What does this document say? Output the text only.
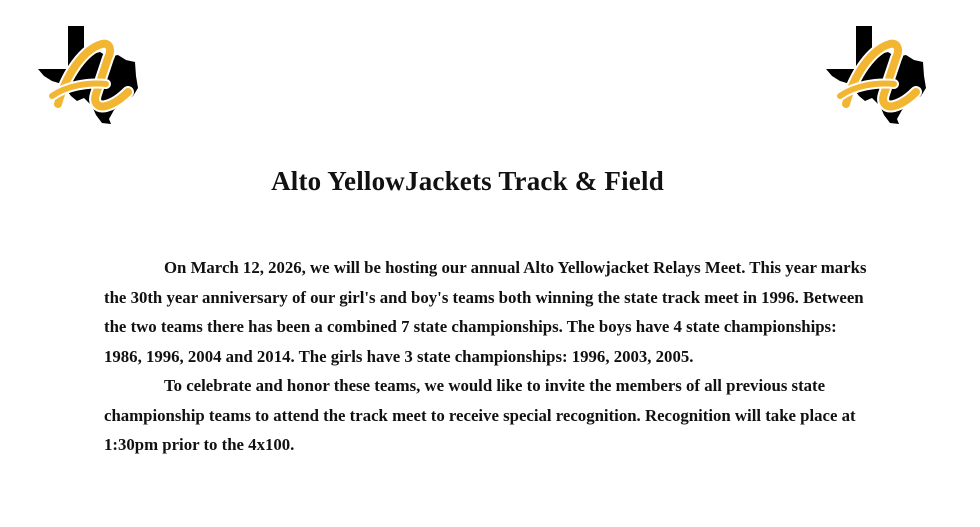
Alto YellowJackets Track & Field

On March 12, 2026, we will be hosting our annual Alto Yellowjacket Relays Meet. This year marks the 30th year anniversary of our girl's and boy's teams both winning the state track meet in 1996. Between the two teams there has been a combined 7 state championships. The boys have 4 state championships: 1986, 1996, 2004 and 2014. The girls have 3 state championships: 1996, 2003, 2005.

To celebrate and honor these teams, we would like to invite the members of all previous state championship teams to attend the track meet to receive special recognition. Recognition will take place at 1:30pm prior to the 4x100.
